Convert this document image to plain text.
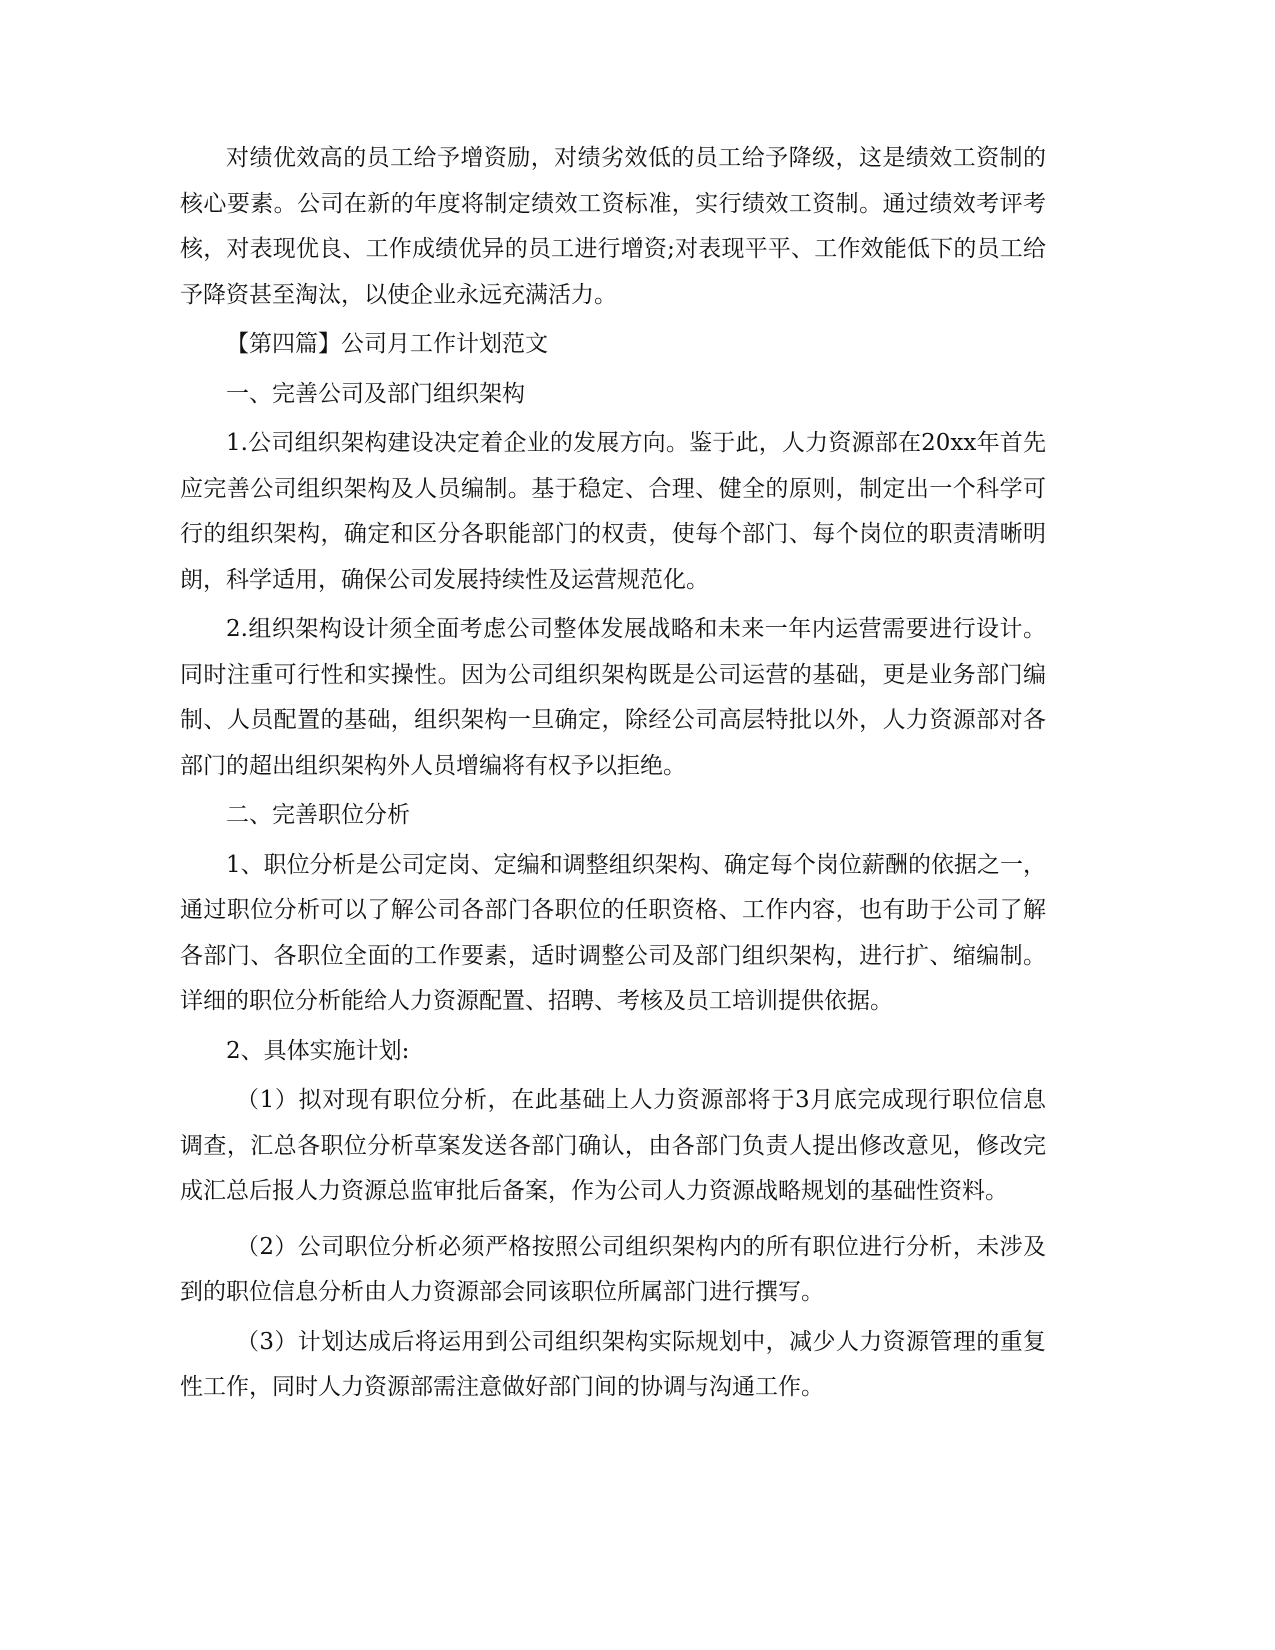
对绩优效高的员工给予增资励，对绩劣效低的员工给予降级，这是绩效工资制的核心要素。公司在新的年度将制定绩效工资标准，实行绩效工资制。通过绩效考评考核，对表现优良、工作成绩优异的员工进行增资;对表现平平、工作效能低下的员工给予降资甚至淘汰，以使企业永远充满活力。

【第四篇】公司月工作计划范文

一、完善公司及部门组织架构

1.公司组织架构建设决定着企业的发展方向。鉴于此，人力资源部在20xx年首先应完善公司组织架构及人员编制。基于稳定、合理、健全的原则，制定出一个科学可行的组织架构，确定和区分各职能部门的权责，使每个部门、每个岗位的职责清晰明朗，科学适用，确保公司发展持续性及运营规范化。

2.组织架构设计须全面考虑公司整体发展战略和未来一年内运营需要进行设计。同时注重可行性和实操性。因为公司组织架构既是公司运营的基础，更是业务部门编制、人员配置的基础，组织架构一旦确定，除经公司高层特批以外，人力资源部对各部门的超出组织架构外人员增编将有权予以拒绝。

二、完善职位分析

1、职位分析是公司定岗、定编和调整组织架构、确定每个岗位薪酬的依据之一，通过职位分析可以了解公司各部门各职位的任职资格、工作内容，也有助于公司了解各部门、各职位全面的工作要素，适时调整公司及部门组织架构，进行扩、缩编制。详细的职位分析能给人力资源配置、招聘、考核及员工培训提供依据。

2、具体实施计划:

（1）拟对现有职位分析，在此基础上人力资源部将于3月底完成现行职位信息调查，汇总各职位分析草案发送各部门确认，由各部门负责人提出修改意见，修改完成汇总后报人力资源总监审批后备案，作为公司人力资源战略规划的基础性资料。

（2）公司职位分析必须严格按照公司组织架构内的所有职位进行分析，未涉及到的职位信息分析由人力资源部会同该职位所属部门进行撰写。

（3）计划达成后将运用到公司组织架构实际规划中，减少人力资源管理的重复性工作，同时人力资源部需注意做好部门间的协调与沟通工作。
